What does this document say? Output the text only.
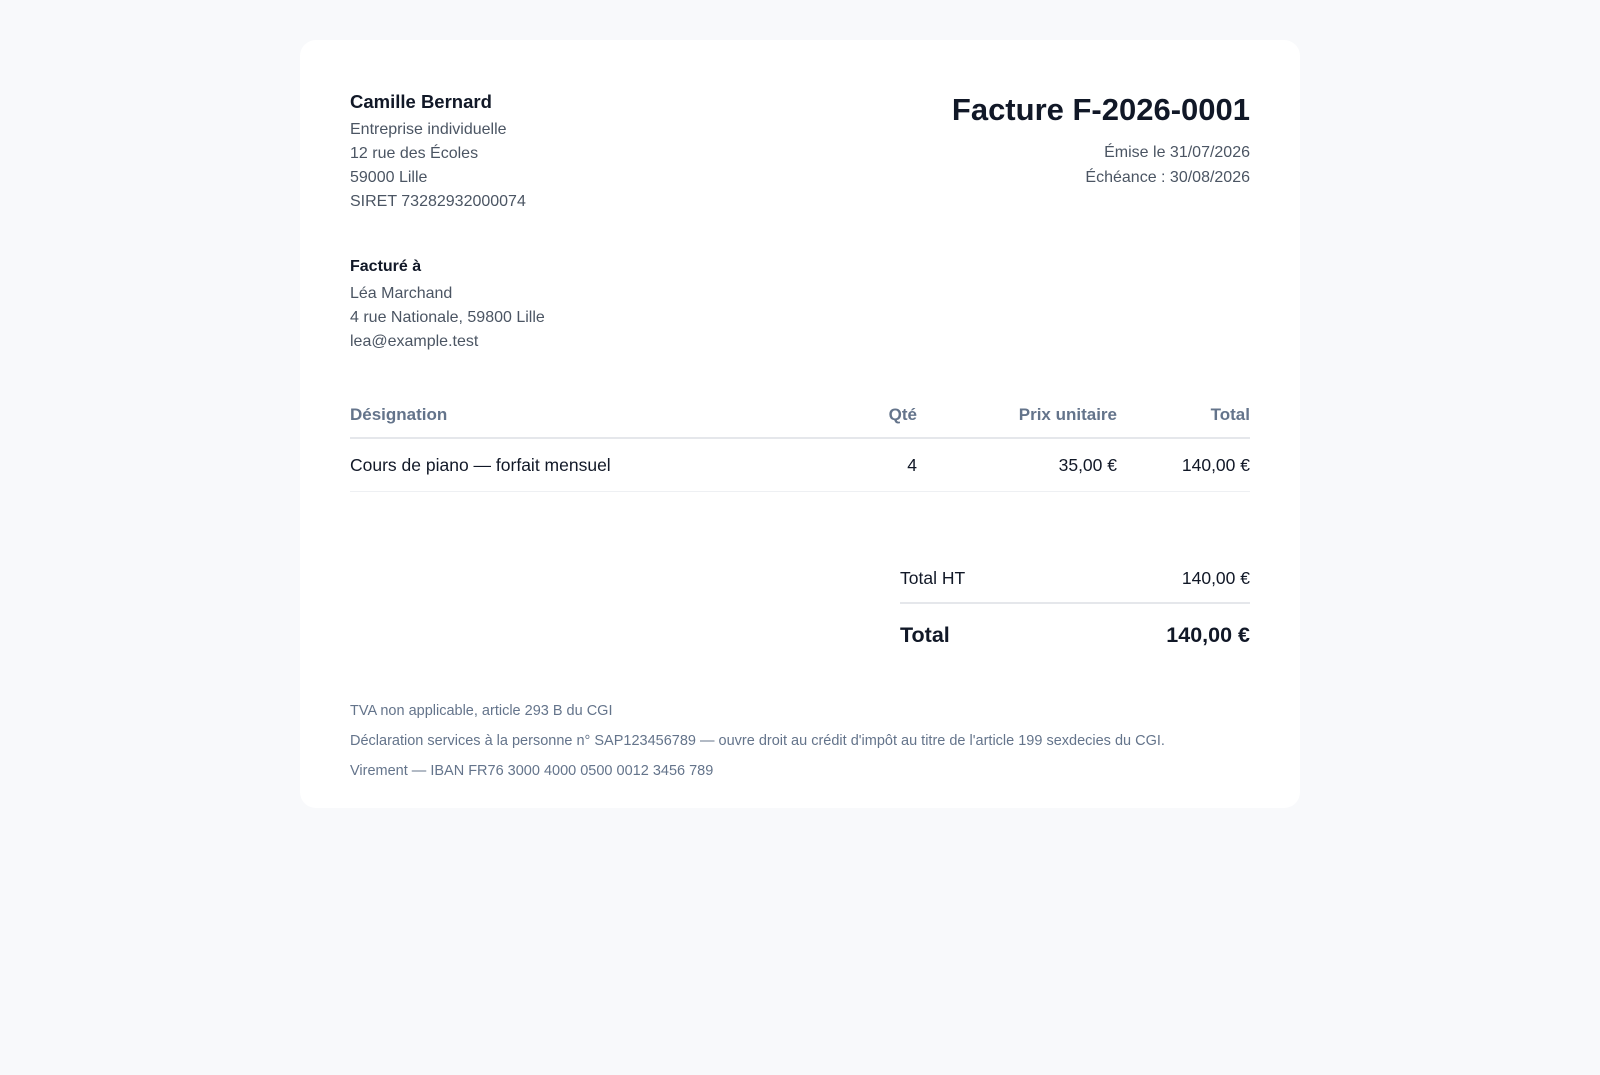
Camille Bernard
Entreprise individuelle
12 rue des Écoles
59000 Lille
SIRET 73282932000074
Facture F-2026-0001
Émise le 31/07/2026
Échéance : 30/08/2026
Facturé à
Léa Marchand
4 rue Nationale, 59800 Lille
lea@example.test
Désignation	Qté	Prix unitaire	Total
Cours de piano — forfait mensuel	4	35,00 €	140,00 €
Total HT	140,00 €
Total	140,00 €
TVA non applicable, article 293 B du CGI
Déclaration services à la personne n° SAP123456789 — ouvre droit au crédit d'impôt au titre de l'article 199 sexdecies du CGI.
Virement — IBAN FR76 3000 4000 0500 0012 3456 789
